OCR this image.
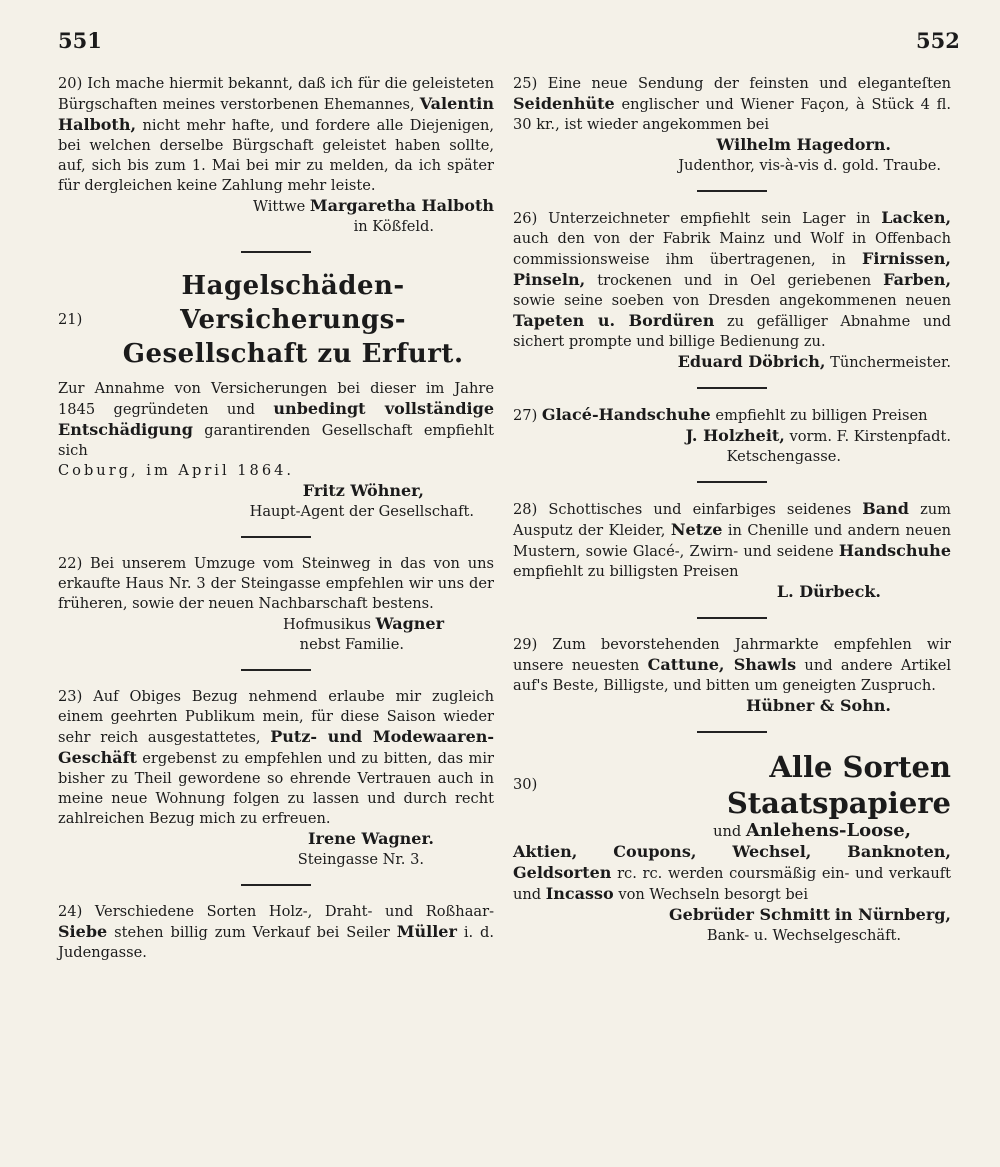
551	552

20) Ich mache hiermit bekannt, daß ich für die geleisteten Bürgschaften meines verstorbenen Ehemannes, Valentin Halboth, nicht mehr hafte, und fordere alle Diejenigen, bei welchen derselbe Bürgschaft geleistet haben sollte, auf, sich bis zum 1. Mai bei mir zu melden, da ich später für dergleichen keine Zahlung mehr leiste.

Wittwe Margaretha Halboth

in Kößfeld.

21)
Hagelschäden-Versicherungs-
Gesellschaft zu Erfurt.

Zur Annahme von Versicherungen bei dieser im Jahre 1845 gegründeten und unbedingt vollständige Entschädigung garantirenden Gesellschaft empfiehlt sich

Coburg, im April 1864.

Fritz Wöhner,

Haupt-Agent der Gesellschaft.

22) Bei unserem Umzuge vom Steinweg in das von uns erkaufte Haus Nr. 3 der Steingasse empfehlen wir uns der früheren, sowie der neuen Nachbarschaft bestens.

Hofmusikus Wagner

nebst Familie.

23) Auf Obiges Bezug nehmend erlaube mir zugleich einem geehrten Publikum mein, für diese Saison wieder sehr reich ausgestattetes, Putz- und Modewaaren-Geschäft ergebenst zu empfehlen und zu bitten, das mir bisher zu Theil gewordene so ehrende Vertrauen auch in meine neue Wohnung folgen zu lassen und durch recht zahlreichen Bezug mich zu erfreuen.

Irene Wagner.

Steingasse Nr. 3.

24) Verschiedene Sorten Holz-, Draht- und Roßhaar- Siebe stehen billig zum Verkauf bei Seiler Müller i. d. Judengasse.

25) Eine neue Sendung der feinsten und eleganteſten Seidenhüte englischer und Wiener Façon, à Stück 4 fl. 30 kr., ist wieder angekommen bei

Wilhelm Hagedorn.

Judenthor, vis-à-vis d. gold. Traube.

26) Unterzeichneter empfiehlt sein Lager in Lacken, auch den von der Fabrik Mainz und Wolf in Offenbach commissionsweise ihm übertragenen, in Firnissen, Pinseln, trockenen und in Oel geriebenen Farben, sowie seine soeben von Dresden angekommenen neuen Tapeten u. Bordüren zu gefälliger Abnahme und sichert prompte und billige Bedienung zu.

Eduard Döbrich, Tünchermeister.

27) Glacé-Handschuhe empfiehlt zu billigen Preisen

J. Holzheit, vorm. F. Kirstenpfadt.

Ketschengasse.

28) Schottisches und einfarbiges seidenes Band zum Ausputz der Kleider, Netze in Chenille und andern neuen Mustern, sowie Glacé-, Zwirn- und seidene Handschuhe empfiehlt zu billigsten Preisen

L. Dürbeck.

29) Zum bevorstehenden Jahrmarkte empfehlen wir unsere neuesten Cattune, Shawls und andere Artikel auf's Beste, Billigste, und bitten um geneigten Zuspruch.

Hübner & Sohn.

30)
Alle Sorten Staatspapiere

und Anlehens-Loose,

Aktien, Coupons, Wechsel, Banknoten, Geldsorten rc. rc. werden coursmäßig ein- und verkauft und Incasso von Wechseln besorgt bei

Gebrüder Schmitt in Nürnberg,

Bank- u. Wechselgeschäft.
